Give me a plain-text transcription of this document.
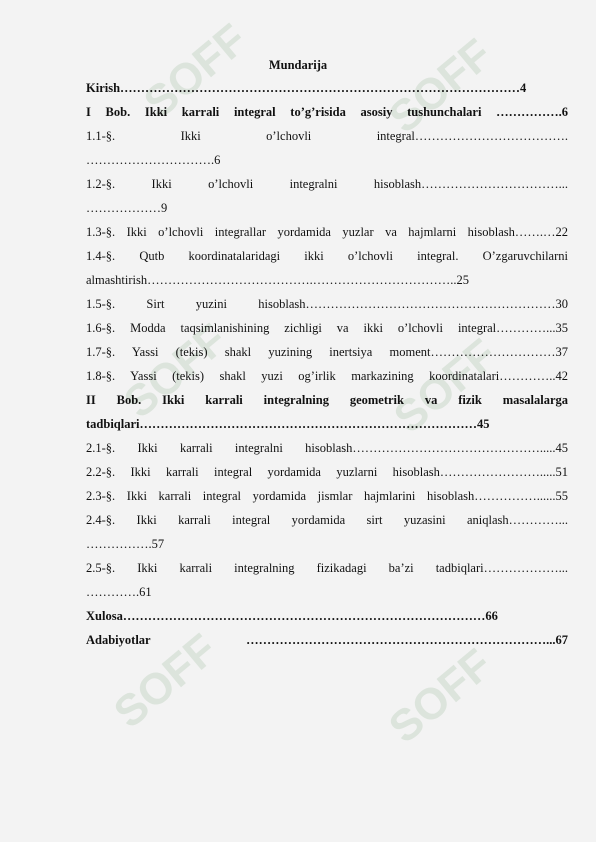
SOFF	SOFF
SOFF	SOFF
SOFF	SOFF
Mundarija
Kirish……………………………………………………………………………………4
I Bob. Ikki karrali integral to’g’risida asosiy tushunchalari …………….6
1.1-§. Ikki o’lchovli integral……………………………….
………………………….6
1.2-§. Ikki o’lchovli integralni hisoblash……………………………...
………………9
1.3-§. Ikki o’lchovli integrallar yordamida yuzlar va hajmlarni hisoblash…….…22
1.4-§. Qutb koordinatalaridagi ikki o’lchovli integral. O’zgaruvchilarni
almashtirish………………………………….……………………………..25
1.5-§. Sirt yuzini hisoblash……………………………………………………30
1.6-§. Modda taqsimlanishining zichligi va ikki o’lchovli integral…………...35
1.7-§. Yassi (tekis) shakl yuzining inertsiya moment…………………………37
1.8-§. Yassi (tekis) shakl yuzi og’irlik markazining koordinatalari…………..42
II Bob. Ikki karrali integralning geometrik va fizik masalalarga
tadbiqlari………………………………………………………………………45
2.1-§. Ikki karrali integralni hisoblash……………………………………….....45
2.2-§. Ikki karrali integral yordamida yuzlarni hisoblash…………………….....51
2.3-§. Ikki karrali integral yordamida jismlar hajmlarini hisoblash……………......55
2.4-§. Ikki karrali integral yordamida sirt yuzasini aniqlash…………...
…………….57
2.5-§. Ikki karrali integralning fizikadagi ba’zi tadbiqlari………………...
………….61
Xulosa……………………………………………………………………………66
Adabiyotlar ………………………………………………………………...67
